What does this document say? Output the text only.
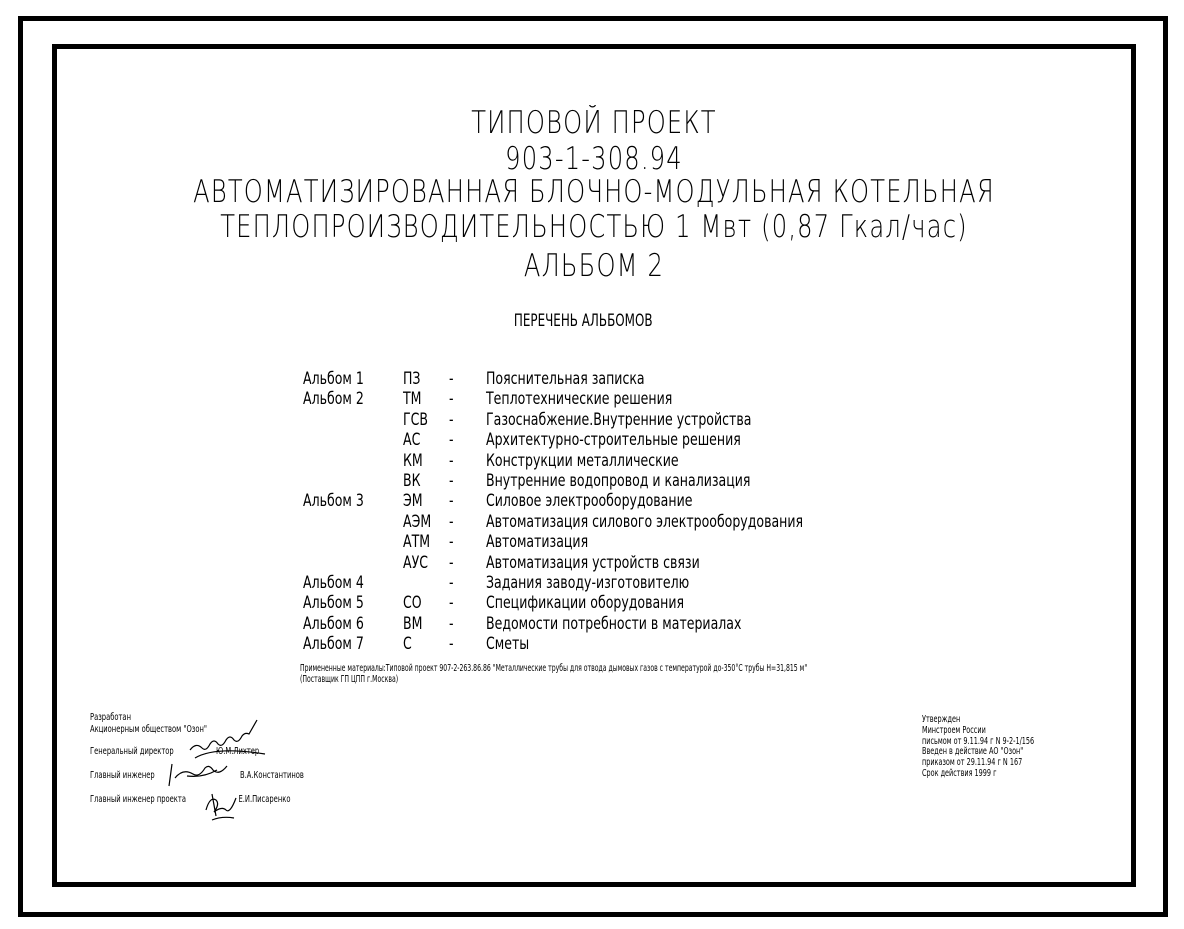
ТИПОВОЙ ПРОЕКТ
903-1-308.94
АВТОМАТИЗИРОВАННАЯ БЛОЧНО-МОДУЛЬНАЯ КОТЕЛЬНАЯ
ТЕПЛОПРОИЗВОДИТЕЛЬНОСТЬЮ 1 Мвт (0,87 Гкал/час)
АЛЬБОМ 2
ПЕРЕЧЕНЬ АЛЬБОМОВ
Альбом 1 ПЗ - Пояснительная записка
Альбом 2 ТМ - Теплотехнические решения
ГСВ - Газоснабжение.Внутренние устройства
АС - Архитектурно-строительные решения
КМ - Конструкции металлические
ВК - Внутренние водопровод и канализация
Альбом 3 ЭМ - Силовое электрооборудование
АЭМ - Автоматизация силового электрооборудования
АТМ - Автоматизация
АУС - Автоматизация устройств связи
Альбом 4	- Задания заводу-изготовителю
Альбом 5 СО - Спецификации оборудования
Альбом 6 ВМ - Ведомости потребности в материалах
Альбом 7 С - Сметы
Примененные материалы:Типовой проект 907-2-263.86.86 "Металлические трубы для отвода дымовых газов с температурой до-350°С трубы Н=31,815 м"
(Поставщик ГП ЦПП г.Москва)
Разработан
Акционерным обществом "Озон"
Генеральный директор	Ю.М.Лихтер
Главный инженер	В.А.Константинов
Главный инженер проекта	Е.И.Писаренко
Утвержден
Минстроем России
письмом от 9.11.94 г N 9-2-1/156
Введен в действие АО "Озон"
приказом от 29.11.94 г N 167
Срок действия 1999 г
